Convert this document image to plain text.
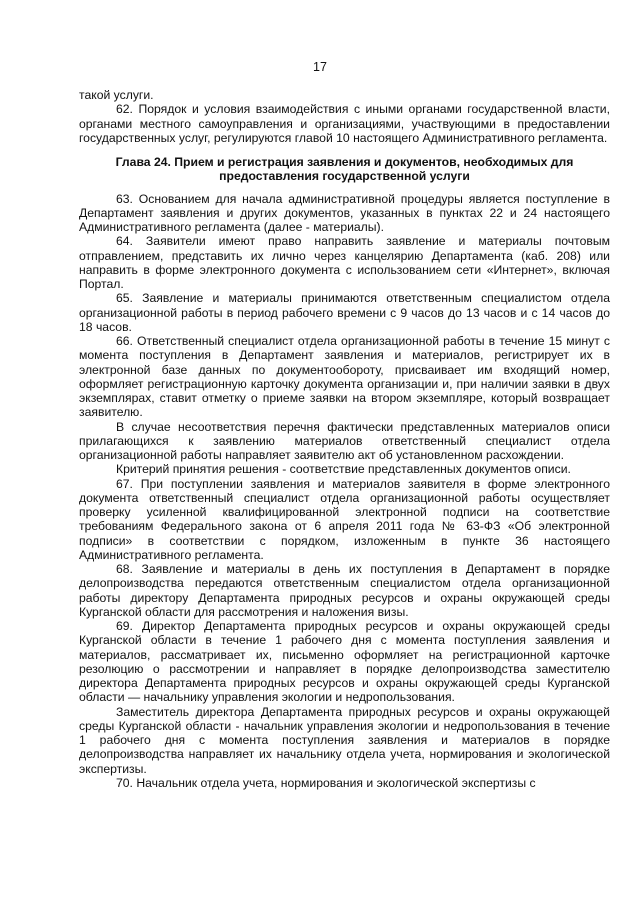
17

такой услуги.

62. Порядок и условия взаимодействия с иными органами государственной власти, органами местного самоуправления и организациями, участвующими в предоставлении государственных услуг, регулируются главой 10 настоящего Административного регламента.

Глава 24. Прием и регистрация заявления и документов, необходимых для предоставления государственной услуги

63. Основанием для начала административной процедуры является поступление в Департамент заявления и других документов, указанных в пунктах 22 и 24 настоящего Административного регламента (далее - материалы).

64. Заявители имеют право направить заявление и материалы почтовым отправлением, представить их лично через канцелярию Департамента (каб. 208) или направить в форме электронного документа с использованием сети «Интернет», включая Портал.

65. Заявление и материалы принимаются ответственным специалистом отдела организационной работы в период рабочего времени с 9 часов до 13 часов и с 14 часов до 18 часов.

66. Ответственный специалист отдела организационной работы в течение 15 минут с момента поступления в Департамент заявления и материалов, регистрирует их в электронной базе данных по документообороту, присваивает им входящий номер, оформляет регистрационную карточку документа организации и, при наличии заявки в двух экземплярах, ставит отметку о приеме заявки на втором экземпляре, который возвращает заявителю.

В случае несоответствия перечня фактически представленных материалов описи прилагающихся к заявлению материалов ответственный специалист отдела организационной работы направляет заявителю акт об установленном расхождении.

Критерий принятия решения - соответствие представленных документов описи.

67. При поступлении заявления и материалов заявителя в форме электронного документа ответственный специалист отдела организационной работы осуществляет проверку усиленной квалифицированной электронной подписи на соответствие требованиям Федерального закона от 6 апреля 2011 года № 63-ФЗ «Об электронной подписи» в соответствии с порядком, изложенным в пункте 36 настоящего Административного регламента.

68. Заявление и материалы в день их поступления в Департамент в порядке делопроизводства передаются ответственным специалистом отдела организационной работы директору Департамента природных ресурсов и охраны окружающей среды Курганской области для рассмотрения и наложения визы.

69. Директор Департамента природных ресурсов и охраны окружающей среды Курганской области в течение 1 рабочего дня с момента поступления заявления и материалов, рассматривает их, письменно оформляет на регистрационной карточке резолюцию о рассмотрении и направляет в порядке делопроизводства заместителю директора Департамента природных ресурсов и охраны окружающей среды Курганской области — начальнику управления экологии и недропользования.

Заместитель директора Департамента природных ресурсов и охраны окружающей среды Курганской области - начальник управления экологии и недропользования в течение 1 рабочего дня с момента поступления заявления и материалов в порядке делопроизводства направляет их начальнику отдела учета, нормирования и экологической экспертизы.

70. Начальник отдела учета, нормирования и экологической экспертизы с
